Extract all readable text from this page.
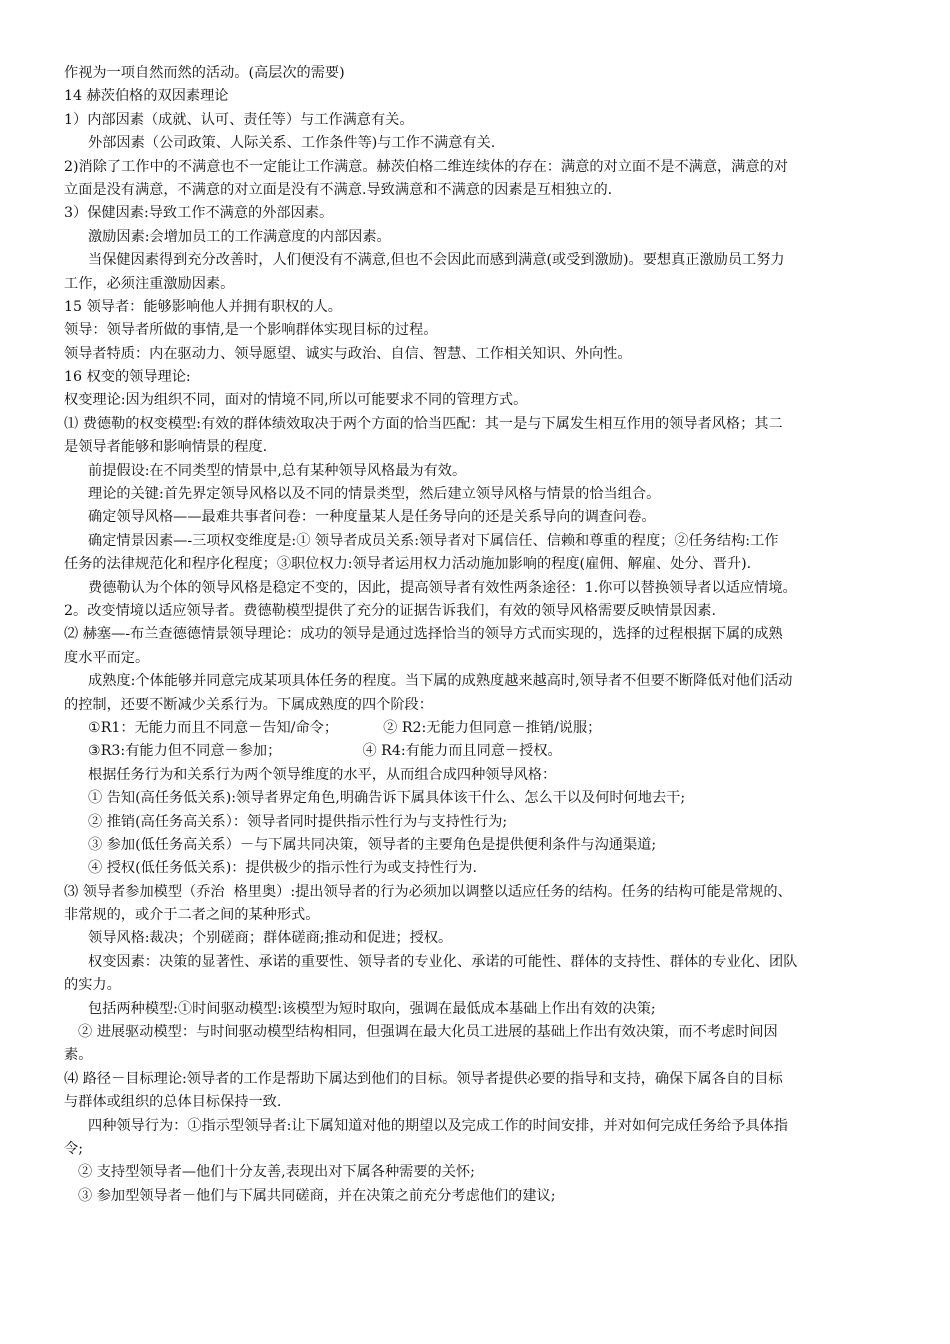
作视为一项自然而然的活动。(高层次的需要)
14 赫茨伯格的双因素理论
1）内部因素（成就、认可、责任等）与工作满意有关。
外部因素（公司政策、人际关系、工作条件等)与工作不满意有关.
2)消除了工作中的不满意也不一定能让工作满意。赫茨伯格二维连续体的存在：满意的对立面不是不满意，满意的对
立面是没有满意，不满意的对立面是没有不满意.导致满意和不满意的因素是互相独立的.
3）保健因素:导致工作不满意的外部因素。
激励因素:会增加员工的工作满意度的内部因素。
当保健因素得到充分改善时，人们便没有不满意,但也不会因此而感到满意(或受到激励)。要想真正激励员工努力
工作，必须注重激励因素。
15 领导者：能够影响他人并拥有职权的人。
领导：领导者所做的事情,是一个影响群体实现目标的过程。
领导者特质：内在驱动力、领导愿望、诚实与政治、自信、智慧、工作相关知识、外向性。
16 权变的领导理论:
权变理论:因为组织不同，面对的情境不同,所以可能要求不同的管理方式。
⑴ 费德勒的权变模型:有效的群体绩效取决于两个方面的恰当匹配：其一是与下属发生相互作用的领导者风格；其二
是领导者能够和影响情景的程度.
前提假设:在不同类型的情景中,总有某种领导风格最为有效。
理论的关键:首先界定领导风格以及不同的情景类型，然后建立领导风格与情景的恰当组合。
确定领导风格——最难共事者问卷：一种度量某人是任务导向的还是关系导向的调查问卷。
确定情景因素—-三项权变维度是:① 领导者成员关系:领导者对下属信任、信赖和尊重的程度；②任务结构:工作
任务的法律规范化和程序化程度；③职位权力:领导者运用权力活动施加影响的程度(雇佣、解雇、处分、晋升).
费德勒认为个体的领导风格是稳定不变的，因此，提高领导者有效性两条途径：1.你可以替换领导者以适应情境。
2。改变情境以适应领导者。费德勒模型提供了充分的证据告诉我们，有效的领导风格需要反映情景因素.
⑵ 赫塞—-布兰查德德情景领导理论：成功的领导是通过选择恰当的领导方式而实现的，选择的过程根据下属的成熟
度水平而定。
成熟度:个体能够并同意完成某项具体任务的程度。当下属的成熟度越来越高时,领导者不但要不断降低对他们活动
的控制，还要不断减少关系行为。下属成熟度的四个阶段：
①R1：无能力而且不同意－告知/命令；          ② R2:无能力但同意－推销/说服；
③R3:有能力但不同意－参加；                  ④ R4:有能力而且同意－授权。
根据任务行为和关系行为两个领导维度的水平，从而组合成四种领导风格：
① 告知(高任务低关系):领导者界定角色,明确告诉下属具体该干什么、怎么干以及何时何地去干;
② 推销(高任务高关系）：领导者同时提供指示性行为与支持性行为;
③ 参加(低任务高关系）－与下属共同决策，领导者的主要角色是提供便利条件与沟通渠道;
④ 授权(低任务低关系)：提供极少的指示性行为或支持性行为.
⑶ 领导者参加模型（乔治  格里奥）:提出领导者的行为必须加以调整以适应任务的结构。任务的结构可能是常规的、
非常规的，或介于二者之间的某种形式。
领导风格:裁决；个别磋商；群体磋商;推动和促进；授权。
权变因素：决策的显著性、承诺的重要性、领导者的专业化、承诺的可能性、群体的支持性、群体的专业化、团队
的实力。
包括两种模型:①时间驱动模型:该模型为短时取向，强调在最低成本基础上作出有效的决策;
② 进展驱动模型：与时间驱动模型结构相同，但强调在最大化员工进展的基础上作出有效决策，而不考虑时间因
素。
⑷ 路径－目标理论:领导者的工作是帮助下属达到他们的目标。领导者提供必要的指导和支持，确保下属各自的目标
与群体或组织的总体目标保持一致.
四种领导行为：①指示型领导者:让下属知道对他的期望以及完成工作的时间安排，并对如何完成任务给予具体指
令;
② 支持型领导者—他们十分友善,表现出对下属各种需要的关怀;
③ 参加型领导者－他们与下属共同磋商，并在决策之前充分考虑他们的建议;
